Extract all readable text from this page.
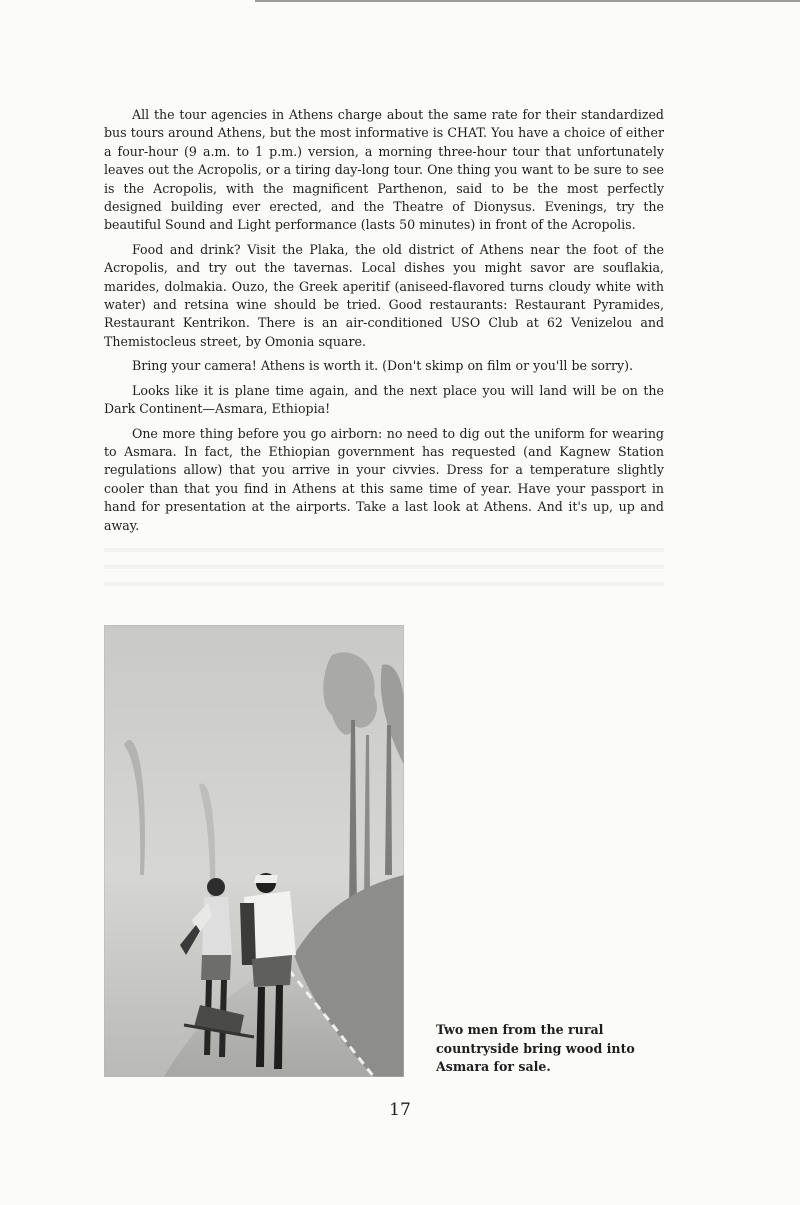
All the tour agencies in Athens charge about the same rate for their standardized bus tours around Athens, but the most informative is CHAT. You have a choice of either a four-hour (9 a.m. to 1 p.m.) version, a morning three-hour tour that unfortunately leaves out the Acropolis, or a tiring day-long tour. One thing you want to be sure to see is the Acropolis, with the magnificent Parthenon, said to be the most perfectly designed building ever erected, and the Theatre of Dionysus. Evenings, try the beautiful Sound and Light performance (lasts 50 minutes) in front of the Acropolis.

Food and drink? Visit the Plaka, the old district of Athens near the foot of the Acropolis, and try out the tavernas. Local dishes you might savor are souflakia, marides, dolmakia. Ouzo, the Greek aperitif (aniseed-flavored turns cloudy white with water) and retsina wine should be tried. Good restaurants: Restaurant Pyramides, Restaurant Kentrikon. There is an air-conditioned USO Club at 62 Venizelou and Themistocleus street, by Omonia square.

Bring your camera! Athens is worth it. (Don't skimp on film or you'll be sorry).

Looks like it is plane time again, and the next place you will land will be on the Dark Continent—Asmara, Ethiopia!

One more thing before you go airborn: no need to dig out the uniform for wearing to Asmara. In fact, the Ethiopian government has requested (and Kagnew Station regulations allow) that you arrive in your civvies. Dress for a temperature slightly cooler than that you find in Athens at this same time of year. Have your passport in hand for presentation at the airports. Take a last look at Athens. And it's up, up and away.

Two men from the rural countryside bring wood into Asmara for sale.
17
